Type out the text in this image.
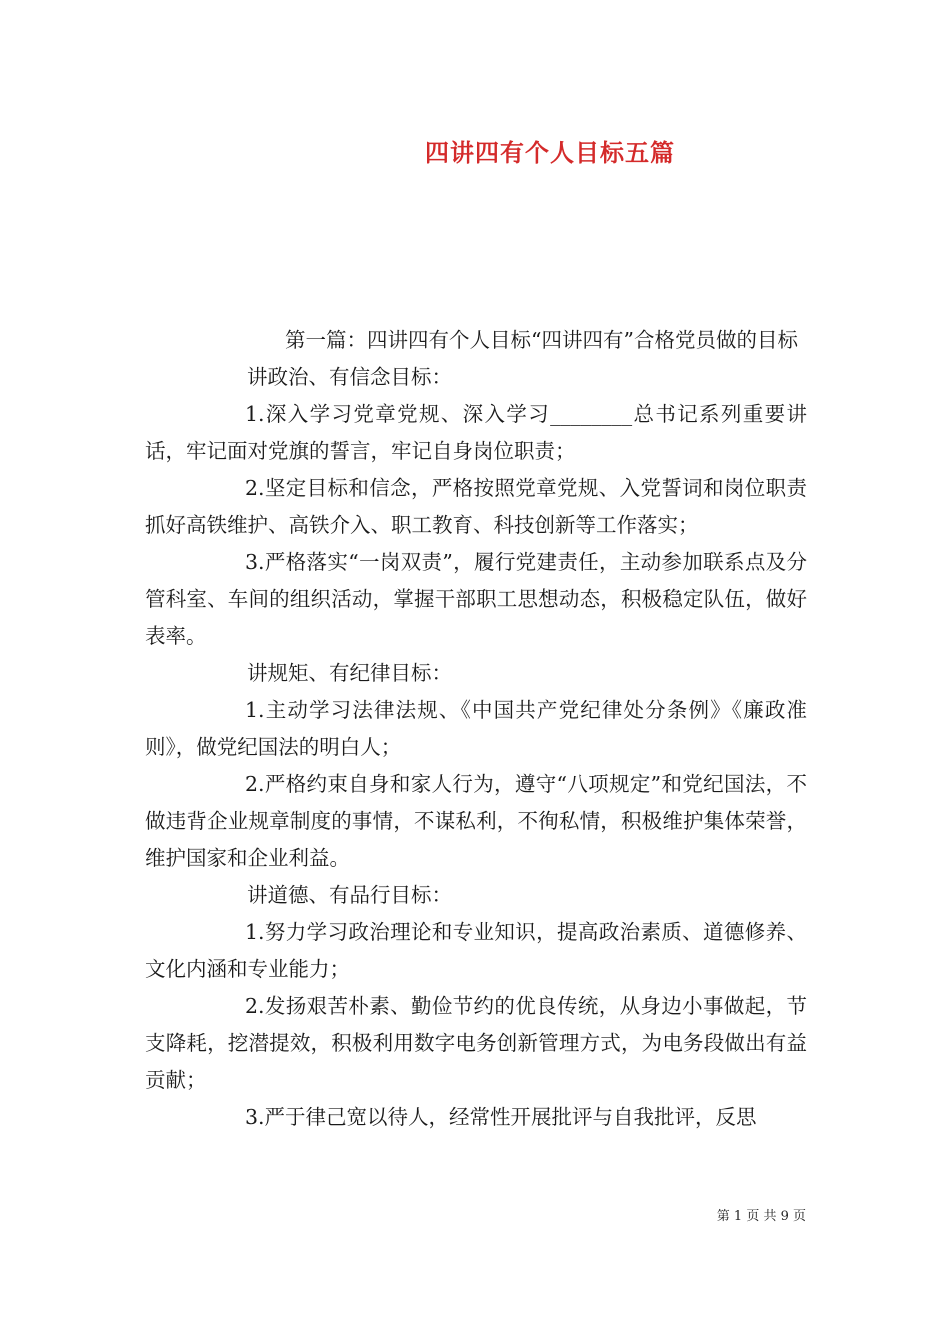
四讲四有个人目标五篇

第一篇：四讲四有个人目标“四讲四有”合格党员做的目标

讲政治、有信念目标：

1.深入学习党章党规、深入学习________总书记系列重要讲话，牢记面对党旗的誓言，牢记自身岗位职责；

2.坚定目标和信念，严格按照党章党规、入党誓词和岗位职责抓好高铁维护、高铁介入、职工教育、科技创新等工作落实；

3.严格落实“一岗双责”，履行党建责任，主动参加联系点及分管科室、车间的组织活动，掌握干部职工思想动态，积极稳定队伍，做好表率。

讲规矩、有纪律目标：

1.主动学习法律法规、《中国共产党纪律处分条例》《廉政准则》，做党纪国法的明白人；

2.严格约束自身和家人行为，遵守“八项规定”和党纪国法，不做违背企业规章制度的事情，不谋私利，不徇私情，积极维护集体荣誉，维护国家和企业利益。

讲道德、有品行目标：

1.努力学习政治理论和专业知识，提高政治素质、道德修养、文化内涵和专业能力；

2.发扬艰苦朴素、勤俭节约的优良传统，从身边小事做起，节支降耗，挖潜提效，积极利用数字电务创新管理方式，为电务段做出有益贡献；

3.严于律己宽以待人，经常性开展批评与自我批评，反思

第 1 页 共 9 页
